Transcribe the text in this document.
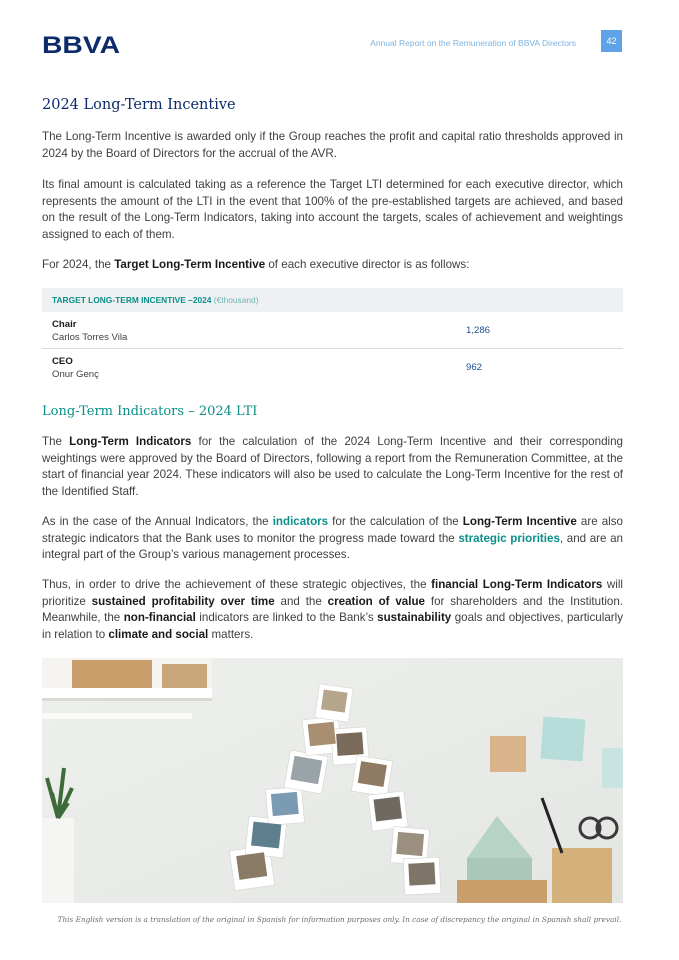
BBVA	Annual Report on the Remuneration of BBVA Directors	42
2024 Long-Term Incentive

The Long-Term Incentive is awarded only if the Group reaches the profit and capital ratio thresholds approved in 2024 by the Board of Directors for the accrual of the AVR.

Its final amount is calculated taking as a reference the Target LTI determined for each executive director, which represents the amount of the LTI in the event that 100% of the pre-established targets are achieved, and based on the result of the Long-Term Indicators, taking into account the targets, scales of achievement and weightings assigned to each of them.

For 2024, the Target Long-Term Incentive of each executive director is as follows:

TARGET LONG-TERM INCENTIVE –2024 (€thousand)
Chair
Carlos Torres Vila
1,286
CEO
Onur Genç
962
Long-Term Indicators – 2024 LTI

The Long-Term Indicators for the calculation of the 2024 Long-Term Incentive and their corresponding weightings were approved by the Board of Directors, following a report from the Remuneration Committee, at the start of financial year 2024. These indicators will also be used to calculate the Long-Term Incentive for the rest of the Identified Staff.

As in the case of the Annual Indicators, the indicators for the calculation of the Long-Term Incentive are also strategic indicators that the Bank uses to monitor the progress made toward the strategic priorities, and are an integral part of the Group’s various management processes.

Thus, in order to drive the achievement of these strategic objectives, the financial Long-Term Indicators will prioritize sustained profitability over time and the creation of value for shareholders and the Institution. Meanwhile, the non-financial indicators are linked to the Bank’s sustainability goals and objectives, particularly in relation to climate and social matters.

This English version is a translation of the original in Spanish for information purposes only. In case of discrepancy the original in Spanish shall prevail.
